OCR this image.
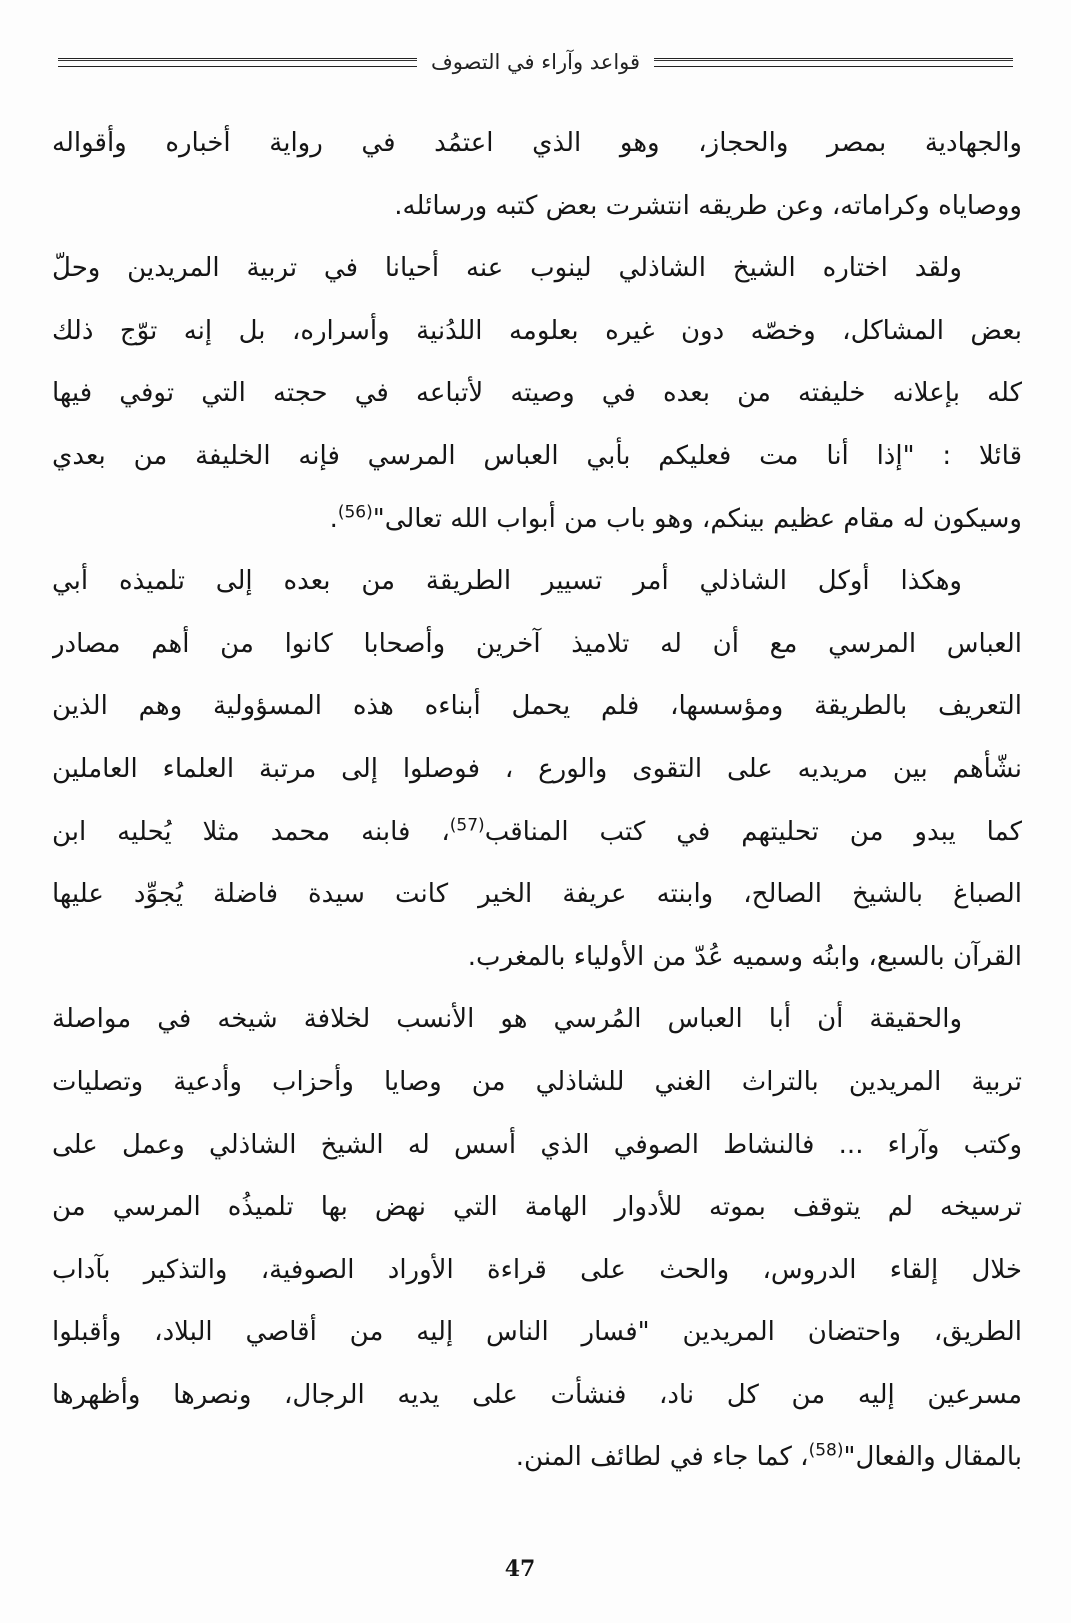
قواعد وآراء في التصوف
والجهادية بمصر والحجاز، وهو الذي اعتمُد في رواية أخباره وأقواله
ووصاياه وكراماته، وعن طريقه انتشرت بعض كتبه ورسائله.
ولقد اختاره الشيخ الشاذلي لينوب عنه أحيانا في تربية المريدين وحلّ
بعض المشاكل، وخصّه دون غيره بعلومه اللدُنية وأسراره، بل إنه توّج ذلك
كله بإعلانه خليفته من بعده في وصيته لأتباعه في حجته التي توفي فيها
قائلا : "إذا أنا مت فعليكم بأبي العباس المرسي فإنه الخليفة من بعدي
وسيكون له مقام عظيم بينكم، وهو باب من أبواب الله تعالى"$^{(56)}$.
وهكذا أوكل الشاذلي أمر تسيير الطريقة من بعده إلى تلميذه أبي
العباس المرسي مع أن له تلاميذ آخرين وأصحابا كانوا من أهم مصادر
التعريف بالطريقة ومؤسسها، فلم يحمل أبناءه هذه المسؤولية وهم الذين
نشّأهم بين مريديه على التقوى والورع ، فوصلوا إلى مرتبة العلماء العاملين
كما يبدو من تحليتهم في كتب المناقب$^{(57)}$، فابنه محمد مثلا يُحليه ابن
الصباغ بالشيخ الصالح، وابنته عريفة الخير كانت سيدة فاضلة يُجوِّد عليها
القرآن بالسبع، وابنُه وسميه عُدّ من الأولياء بالمغرب.
والحقيقة أن أبا العباس المُرسي هو الأنسب لخلافة شيخه في مواصلة
تربية المريدين بالتراث الغني للشاذلي من وصايا وأحزاب وأدعية وتصليات
وكتب وآراء ... فالنشاط الصوفي الذي أسس له الشيخ الشاذلي وعمل على
ترسيخه لم يتوقف بموته للأدوار الهامة التي نهض بها تلميذُه المرسي من
خلال إلقاء الدروس، والحث على قراءة الأوراد الصوفية، والتذكير بآداب
الطريق، واحتضان المريدين "فسار الناس إليه من أقاصي البلاد، وأقبلوا
مسرعين إليه من كل ناد، فنشأت على يديه الرجال، ونصرها وأظهرها
بالمقال والفعال"$^{(58)}$، كما جاء في لطائف المنن.
47
